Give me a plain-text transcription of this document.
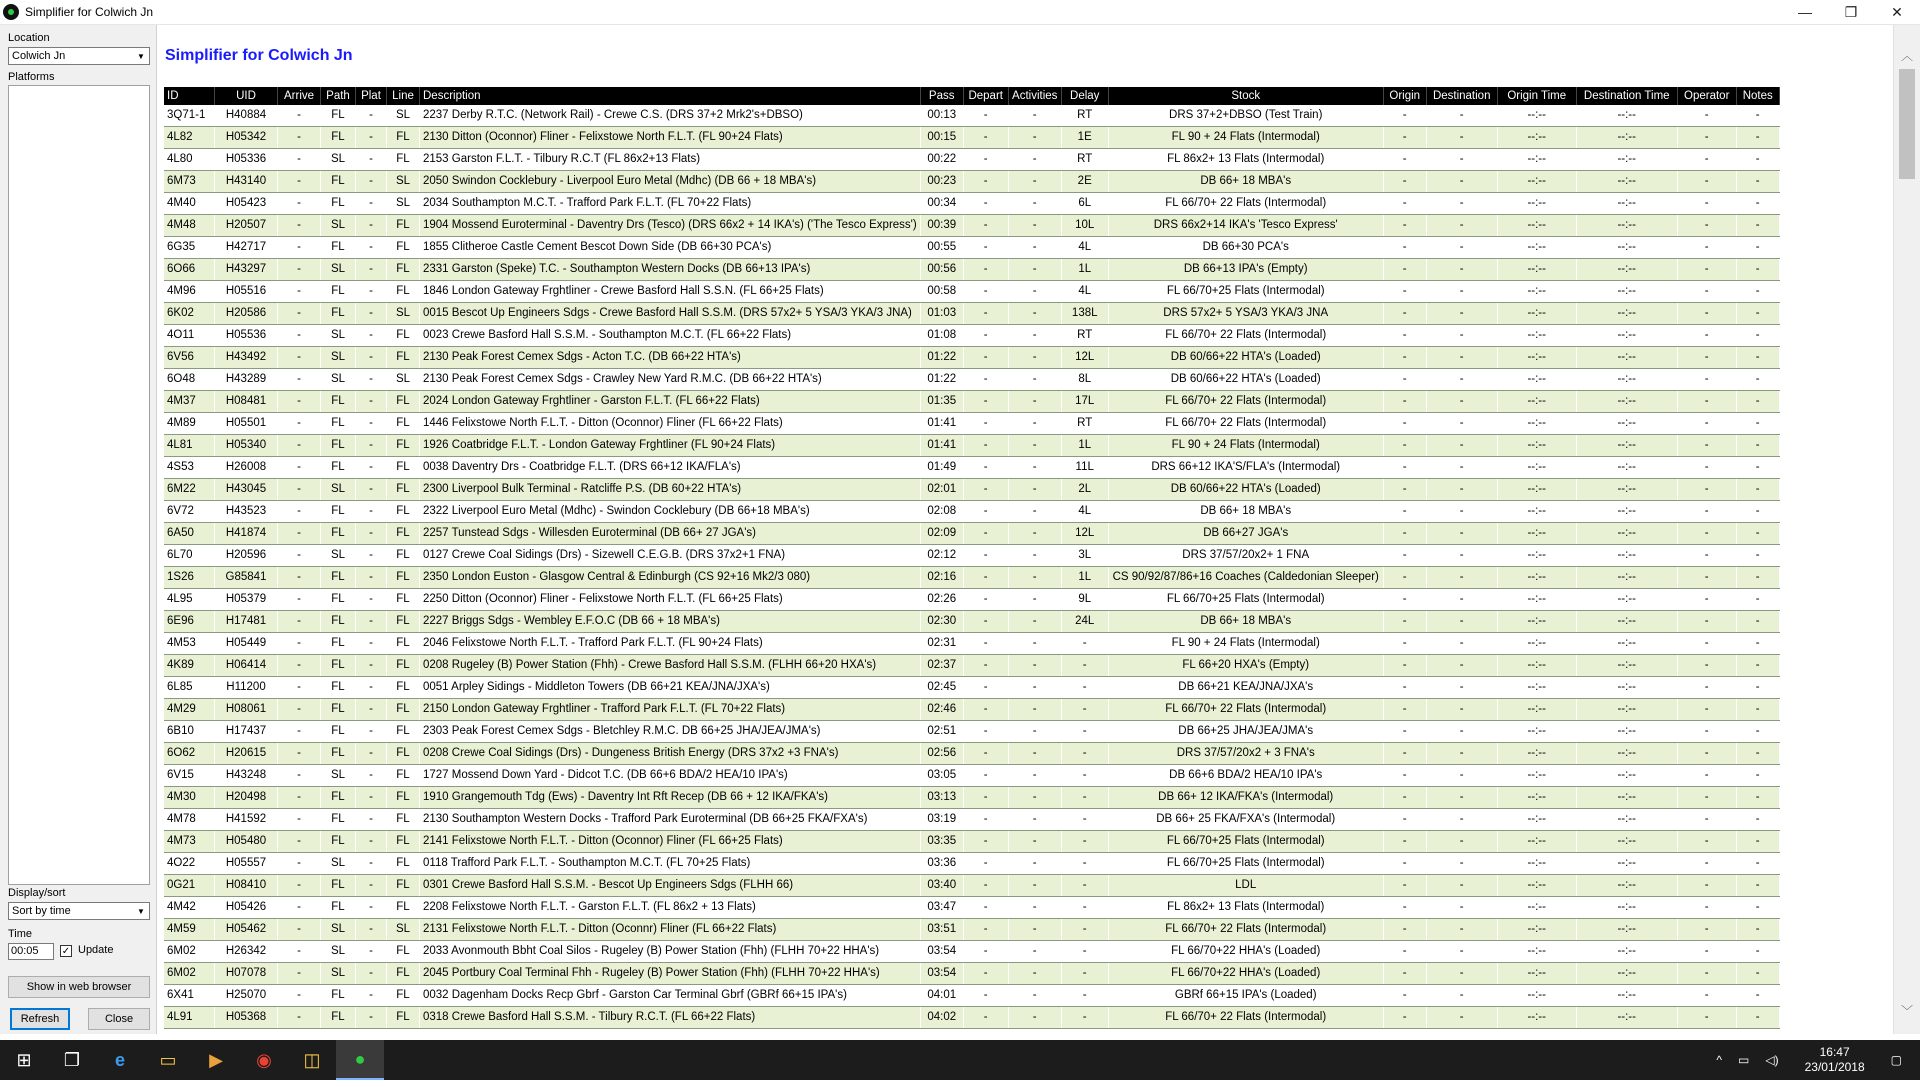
Simplifier for Colwich Jn	—	❐	✕
Location
Colwich Jn	▼
Platforms
Display/sort
Sort by time	▼
Time
00:05	✓ Update
Show in web browser
Refresh	Close
Simplifier for Colwich Jn
ID	UID	Arrive	Path	Plat	Line	Description	Pass	Depart	Activities	Delay	Stock	Origin	Destination	Origin Time	Destination Time	Operator	Notes
3Q71-1	H40884	-	FL	-	SL	2237 Derby R.T.C. (Network Rail) - Crewe C.S. (DRS 37+2 Mrk2's+DBSO)	00:13	-	-	RT	DRS 37+2+DBSO (Test Train)	-	-	--:--	--:--	-	-
4L82	H05342	-	FL	-	FL	2130 Ditton (Oconnor) Fliner - Felixstowe North F.L.T. (FL 90+24 Flats)	00:15	-	-	1E	FL 90 + 24 Flats (Intermodal)	-	-	--:--	--:--	-	-
4L80	H05336	-	SL	-	FL	2153 Garston F.L.T. - Tilbury R.C.T (FL 86x2+13 Flats)	00:22	-	-	RT	FL 86x2+ 13 Flats (Intermodal)	-	-	--:--	--:--	-	-
6M73	H43140	-	FL	-	SL	2050 Swindon Cocklebury - Liverpool Euro Metal (Mdhc) (DB 66 + 18 MBA's)	00:23	-	-	2E	DB 66+ 18 MBA's	-	-	--:--	--:--	-	-
4M40	H05423	-	FL	-	SL	2034 Southampton M.C.T. - Trafford Park F.L.T. (FL 70+22 Flats)	00:34	-	-	6L	FL 66/70+ 22 Flats (Intermodal)	-	-	--:--	--:--	-	-
4M48	H20507	-	SL	-	FL	1904 Mossend Euroterminal - Daventry Drs (Tesco) (DRS 66x2 + 14 IKA's) ('The Tesco Express')	00:39	-	-	10L	DRS 66x2+14 IKA's 'Tesco Express'	-	-	--:--	--:--	-	-
6G35	H42717	-	FL	-	FL	1855 Clitheroe Castle Cement Bescot Down Side (DB 66+30 PCA's)	00:55	-	-	4L	DB 66+30 PCA's	-	-	--:--	--:--	-	-
6O66	H43297	-	SL	-	FL	2331 Garston (Speke) T.C. - Southampton Western Docks (DB 66+13 IPA's)	00:56	-	-	1L	DB 66+13 IPA's (Empty)	-	-	--:--	--:--	-	-
4M96	H05516	-	FL	-	FL	1846 London Gateway Frghtliner - Crewe Basford Hall S.S.N. (FL 66+25 Flats)	00:58	-	-	4L	FL 66/70+25 Flats (Intermodal)	-	-	--:--	--:--	-	-
6K02	H20586	-	FL	-	SL	0015 Bescot Up Engineers Sdgs - Crewe Basford Hall S.S.M. (DRS 57x2+ 5 YSA/3 YKA/3 JNA)	01:03	-	-	138L	DRS 57x2+ 5 YSA/3 YKA/3 JNA	-	-	--:--	--:--	-	-
4O11	H05536	-	SL	-	FL	0023 Crewe Basford Hall S.S.M. - Southampton M.C.T. (FL 66+22 Flats)	01:08	-	-	RT	FL 66/70+ 22 Flats (Intermodal)	-	-	--:--	--:--	-	-
6V56	H43492	-	SL	-	FL	2130 Peak Forest Cemex Sdgs - Acton T.C. (DB 66+22 HTA's)	01:22	-	-	12L	DB 60/66+22 HTA's (Loaded)	-	-	--:--	--:--	-	-
6O48	H43289	-	SL	-	SL	2130 Peak Forest Cemex Sdgs - Crawley New Yard R.M.C. (DB 66+22 HTA's)	01:22	-	-	8L	DB 60/66+22 HTA's (Loaded)	-	-	--:--	--:--	-	-
4M37	H08481	-	FL	-	FL	2024 London Gateway Frghtliner - Garston F.L.T. (FL 66+22 Flats)	01:35	-	-	17L	FL 66/70+ 22 Flats (Intermodal)	-	-	--:--	--:--	-	-
4M89	H05501	-	FL	-	FL	1446 Felixstowe North F.L.T. - Ditton (Oconnor) Fliner (FL 66+22 Flats)	01:41	-	-	RT	FL 66/70+ 22 Flats (Intermodal)	-	-	--:--	--:--	-	-
4L81	H05340	-	FL	-	FL	1926 Coatbridge F.L.T. - London Gateway Frghtliner (FL 90+24 Flats)	01:41	-	-	1L	FL 90 + 24 Flats (Intermodal)	-	-	--:--	--:--	-	-
4S53	H26008	-	FL	-	FL	0038 Daventry Drs - Coatbridge F.L.T. (DRS 66+12 IKA/FLA's)	01:49	-	-	11L	DRS 66+12 IKA'S/FLA's (Intermodal)	-	-	--:--	--:--	-	-
6M22	H43045	-	SL	-	FL	2300 Liverpool Bulk Terminal - Ratcliffe P.S. (DB 60+22 HTA's)	02:01	-	-	2L	DB 60/66+22 HTA's (Loaded)	-	-	--:--	--:--	-	-
6V72	H43523	-	FL	-	FL	2322 Liverpool Euro Metal (Mdhc) - Swindon Cocklebury (DB 66+18 MBA's)	02:08	-	-	4L	DB 66+ 18 MBA's	-	-	--:--	--:--	-	-
6A50	H41874	-	FL	-	FL	2257 Tunstead Sdgs - Willesden Euroterminal (DB 66+ 27 JGA's)	02:09	-	-	12L	DB 66+27 JGA's	-	-	--:--	--:--	-	-
6L70	H20596	-	SL	-	FL	0127 Crewe Coal Sidings (Drs) - Sizewell C.E.G.B. (DRS 37x2+1 FNA)	02:12	-	-	3L	DRS 37/57/20x2+ 1 FNA	-	-	--:--	--:--	-	-
1S26	G85841	-	FL	-	FL	2350 London Euston - Glasgow Central & Edinburgh (CS 92+16 Mk2/3 080)	02:16	-	-	1L	CS 90/92/87/86+16 Coaches (Caldedonian Sleeper)	-	-	--:--	--:--	-	-
4L95	H05379	-	FL	-	FL	2250 Ditton (Oconnor) Fliner - Felixstowe North F.L.T. (FL 66+25 Flats)	02:26	-	-	9L	FL 66/70+25 Flats (Intermodal)	-	-	--:--	--:--	-	-
6E96	H17481	-	FL	-	FL	2227 Briggs Sdgs - Wembley E.F.O.C (DB 66 + 18 MBA's)	02:30	-	-	24L	DB 66+ 18 MBA's	-	-	--:--	--:--	-	-
4M53	H05449	-	FL	-	FL	2046 Felixstowe North F.L.T. - Trafford Park F.L.T. (FL 90+24 Flats)	02:31	-	-	-	FL 90 + 24 Flats (Intermodal)	-	-	--:--	--:--	-	-
4K89	H06414	-	FL	-	FL	0208 Rugeley (B) Power Station (Fhh) - Crewe Basford Hall S.S.M. (FLHH 66+20 HXA's)	02:37	-	-	-	FL 66+20 HXA's (Empty)	-	-	--:--	--:--	-	-
6L85	H11200	-	FL	-	FL	0051 Arpley Sidings - Middleton Towers (DB 66+21 KEA/JNA/JXA's)	02:45	-	-	-	DB 66+21 KEA/JNA/JXA's	-	-	--:--	--:--	-	-
4M29	H08061	-	FL	-	FL	2150 London Gateway Frghtliner - Trafford Park F.L.T. (FL 70+22 Flats)	02:46	-	-	-	FL 66/70+ 22 Flats (Intermodal)	-	-	--:--	--:--	-	-
6B10	H17437	-	FL	-	FL	2303 Peak Forest Cemex Sdgs - Bletchley R.M.C. DB 66+25 JHA/JEA/JMA's)	02:51	-	-	-	DB 66+25 JHA/JEA/JMA's	-	-	--:--	--:--	-	-
6O62	H20615	-	FL	-	FL	0208 Crewe Coal Sidings (Drs) - Dungeness British Energy (DRS 37x2 +3 FNA's)	02:56	-	-	-	DRS 37/57/20x2 + 3 FNA's	-	-	--:--	--:--	-	-
6V15	H43248	-	SL	-	FL	1727 Mossend Down Yard - Didcot T.C. (DB 66+6 BDA/2 HEA/10 IPA's)	03:05	-	-	-	DB 66+6 BDA/2 HEA/10 IPA's	-	-	--:--	--:--	-	-
4M30	H20498	-	FL	-	FL	1910 Grangemouth Tdg (Ews) - Daventry Int Rft Recep (DB 66 + 12 IKA/FKA's)	03:13	-	-	-	DB 66+ 12 IKA/FKA's (Intermodal)	-	-	--:--	--:--	-	-
4M78	H41592	-	FL	-	FL	2130 Southampton Western Docks - Trafford Park Euroterminal (DB 66+25 FKA/FXA's)	03:19	-	-	-	DB 66+ 25 FKA/FXA's (Intermodal)	-	-	--:--	--:--	-	-
4M73	H05480	-	FL	-	FL	2141 Felixstowe North F.L.T. - Ditton (Oconnor) Fliner (FL 66+25 Flats)	03:35	-	-	-	FL 66/70+25 Flats (Intermodal)	-	-	--:--	--:--	-	-
4O22	H05557	-	SL	-	FL	0118 Trafford Park F.L.T. - Southampton M.C.T. (FL 70+25 Flats)	03:36	-	-	-	FL 66/70+25 Flats (Intermodal)	-	-	--:--	--:--	-	-
0G21	H08410	-	FL	-	FL	0301 Crewe Basford Hall S.S.M. - Bescot Up Engineers Sdgs (FLHH 66)	03:40	-	-	-	LDL	-	-	--:--	--:--	-	-
4M42	H05426	-	FL	-	FL	2208 Felixstowe North F.L.T. - Garston F.L.T. (FL 86x2 + 13 Flats)	03:47	-	-	-	FL 86x2+ 13 Flats (Intermodal)	-	-	--:--	--:--	-	-
4M59	H05462	-	SL	-	SL	2131 Felixstowe North F.L.T. - Ditton (Oconnr) Fliner (FL 66+22 Flats)	03:51	-	-	-	FL 66/70+ 22 Flats (Intermodal)	-	-	--:--	--:--	-	-
6M02	H26342	-	SL	-	FL	2033 Avonmouth Bbht Coal Silos - Rugeley (B) Power Station (Fhh) (FLHH 70+22 HHA's)	03:54	-	-	-	FL 66/70+22 HHA's (Loaded)	-	-	--:--	--:--	-	-
6M02	H07078	-	SL	-	FL	2045 Portbury Coal Terminal Fhh - Rugeley (B) Power Station (Fhh) (FLHH 70+22 HHA's)	03:54	-	-	-	FL 66/70+22 HHA's (Loaded)	-	-	--:--	--:--	-	-
6X41	H25070	-	FL	-	FL	0032 Dagenham Docks Recp Gbrf - Garston Car Terminal Gbrf (GBRf 66+15 IPA's)	04:01	-	-	-	GBRf 66+15 IPA's (Loaded)	-	-	--:--	--:--	-	-
4L91	H05368	-	FL	-	FL	0318 Crewe Basford Hall S.S.M. - Tilbury R.C.T. (FL 66+22 Flats)	04:02	-	-	-	FL 66/70+ 22 Flats (Intermodal)	-	-	--:--	--:--	-	-
︿
﹀
⊞	❐	e	▭	▶	◉	◫	●	^ ▭ ◁)
16:47
23/01/2018 ▢
